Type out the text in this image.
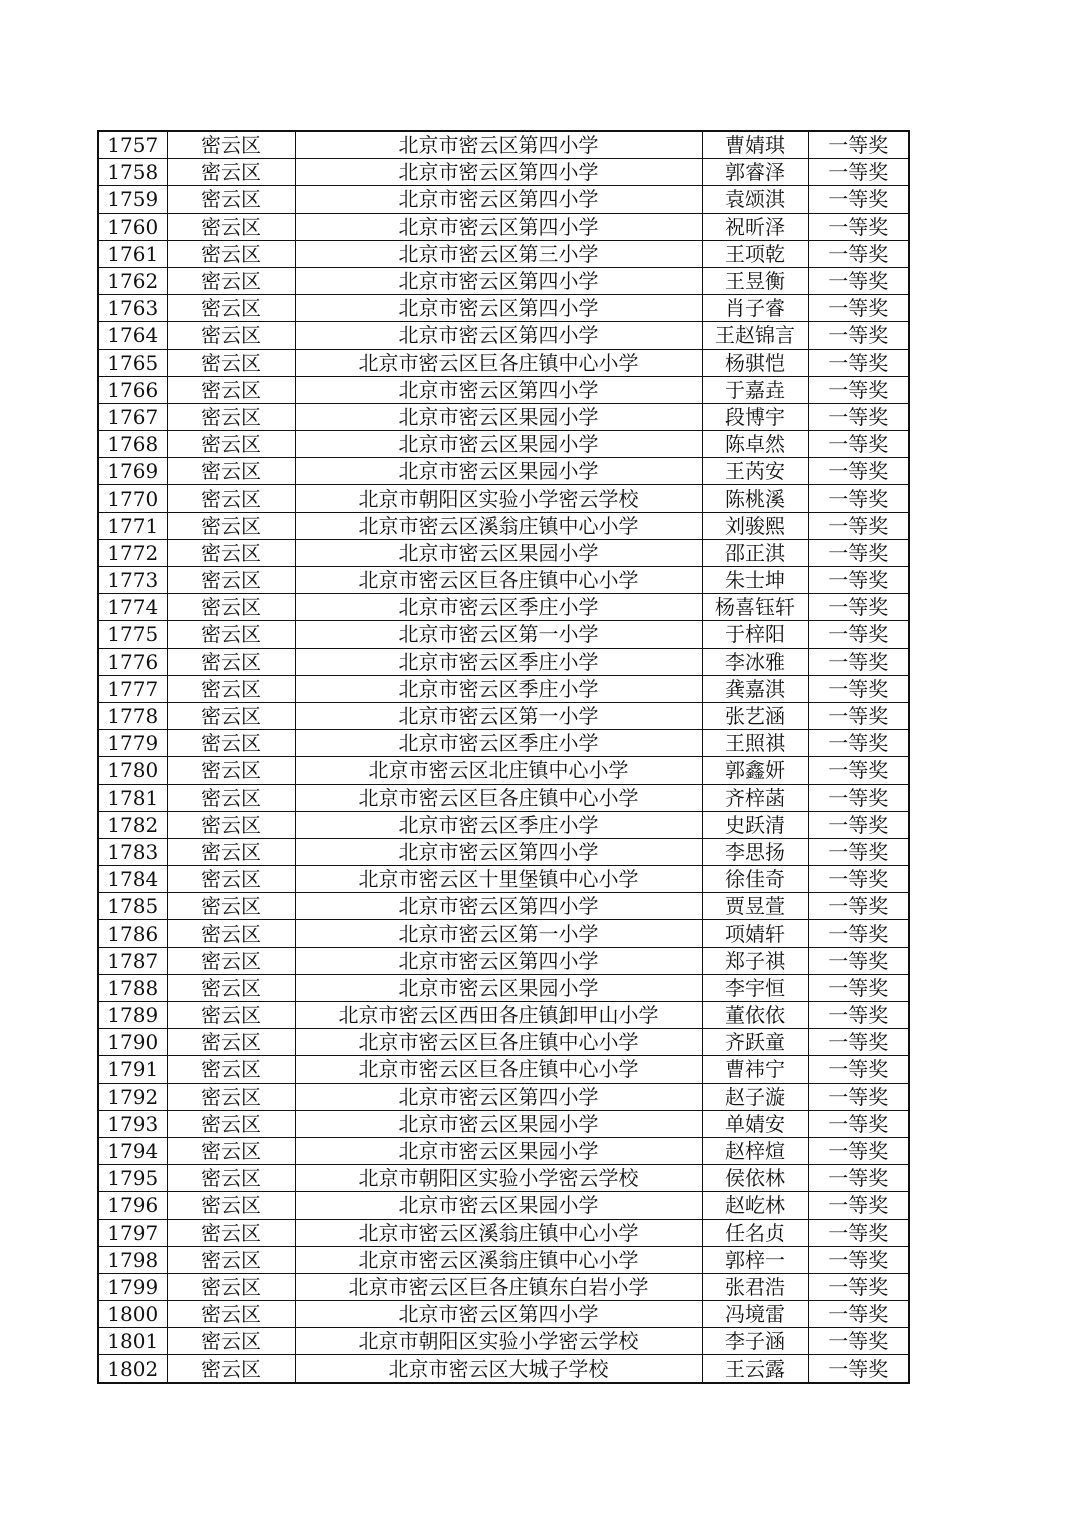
1757	密云区	北京市密云区第四小学	曹婧琪	一等奖
1758	密云区	北京市密云区第四小学	郭睿泽	一等奖
1759	密云区	北京市密云区第四小学	袁颂淇	一等奖
1760	密云区	北京市密云区第四小学	祝昕泽	一等奖
1761	密云区	北京市密云区第三小学	王项乾	一等奖
1762	密云区	北京市密云区第四小学	王昱衡	一等奖
1763	密云区	北京市密云区第四小学	肖子睿	一等奖
1764	密云区	北京市密云区第四小学	王赵锦言	一等奖
1765	密云区	北京市密云区巨各庄镇中心小学	杨骐恺	一等奖
1766	密云区	北京市密云区第四小学	于嘉垚	一等奖
1767	密云区	北京市密云区果园小学	段博宇	一等奖
1768	密云区	北京市密云区果园小学	陈卓然	一等奖
1769	密云区	北京市密云区果园小学	王芮安	一等奖
1770	密云区	北京市朝阳区实验小学密云学校	陈桃溪	一等奖
1771	密云区	北京市密云区溪翁庄镇中心小学	刘骏熙	一等奖
1772	密云区	北京市密云区果园小学	邵正淇	一等奖
1773	密云区	北京市密云区巨各庄镇中心小学	朱士坤	一等奖
1774	密云区	北京市密云区季庄小学	杨喜钰轩	一等奖
1775	密云区	北京市密云区第一小学	于梓阳	一等奖
1776	密云区	北京市密云区季庄小学	李冰雅	一等奖
1777	密云区	北京市密云区季庄小学	龚嘉淇	一等奖
1778	密云区	北京市密云区第一小学	张艺涵	一等奖
1779	密云区	北京市密云区季庄小学	王照祺	一等奖
1780	密云区	北京市密云区北庄镇中心小学	郭鑫妍	一等奖
1781	密云区	北京市密云区巨各庄镇中心小学	齐梓菡	一等奖
1782	密云区	北京市密云区季庄小学	史跃清	一等奖
1783	密云区	北京市密云区第四小学	李思扬	一等奖
1784	密云区	北京市密云区十里堡镇中心小学	徐佳奇	一等奖
1785	密云区	北京市密云区第四小学	贾昱萱	一等奖
1786	密云区	北京市密云区第一小学	项婧轩	一等奖
1787	密云区	北京市密云区第四小学	郑子祺	一等奖
1788	密云区	北京市密云区果园小学	李宇恒	一等奖
1789	密云区	北京市密云区西田各庄镇卸甲山小学	董依依	一等奖
1790	密云区	北京市密云区巨各庄镇中心小学	齐跃童	一等奖
1791	密云区	北京市密云区巨各庄镇中心小学	曹祎宁	一等奖
1792	密云区	北京市密云区第四小学	赵子漩	一等奖
1793	密云区	北京市密云区果园小学	单婧安	一等奖
1794	密云区	北京市密云区果园小学	赵梓煊	一等奖
1795	密云区	北京市朝阳区实验小学密云学校	侯依林	一等奖
1796	密云区	北京市密云区果园小学	赵屹林	一等奖
1797	密云区	北京市密云区溪翁庄镇中心小学	任名贞	一等奖
1798	密云区	北京市密云区溪翁庄镇中心小学	郭梓一	一等奖
1799	密云区	北京市密云区巨各庄镇东白岩小学	张君浩	一等奖
1800	密云区	北京市密云区第四小学	冯境雷	一等奖
1801	密云区	北京市朝阳区实验小学密云学校	李子涵	一等奖
1802	密云区	北京市密云区大城子学校	王云露	一等奖
